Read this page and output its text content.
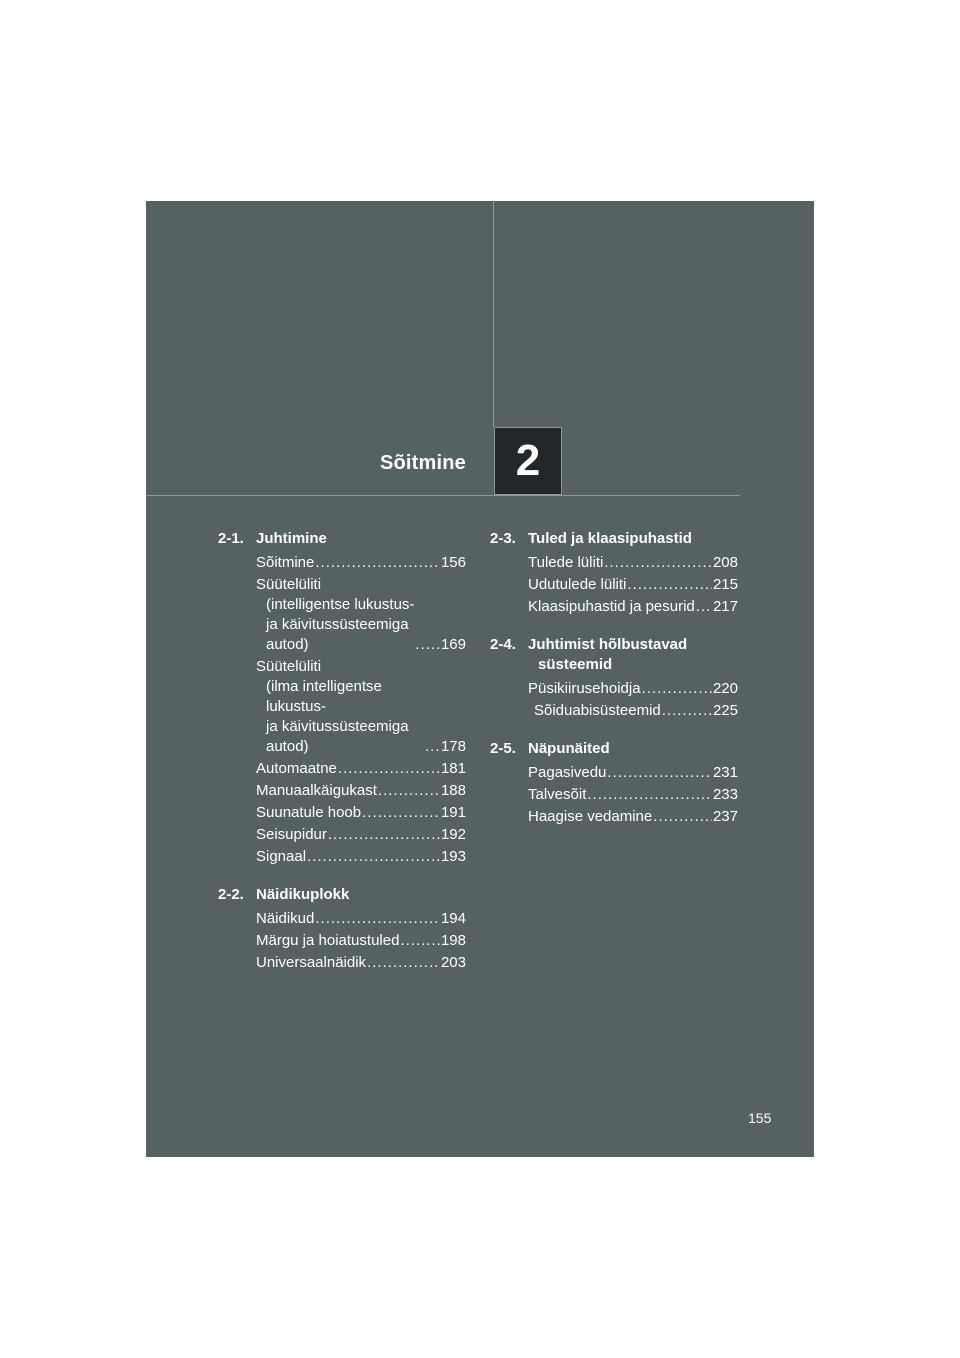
Sõitmine 2
2-1. Juhtimine
Sõitmine .....	156
Süütelüliti
(intelligentse lukustus-
ja käivitussüsteemiga
autod) .....	169
Süütelüliti
(ilma intelligentse lukustus-
ja käivitussüsteemiga
autod) .....	178
Automaatne .....	181
Manuaalkäigukast .....	188
Suunatule hoob .....	191
Seisupidur .....	192
Signaal .....	193
2-2. Näidikuplokk
Näidikud .....	194
Märgu ja hoiatustuled .....	198
Universaalnäidik .....	203
2-3. Tuled ja klaasipuhastid
Tulede lüliti .....	208
Udutulede lüliti .....	215
Klaasipuhastid ja pesurid ..... 217
2-4. Juhtimist hõlbustavad
süsteemid
Püsikiirusehoidja .....	220
Sõiduabisüsteemid .....	225
2-5. Näpunäited
Pagasivedu .....	231
Talvesõit .....	233
Haagise vedamine .....	237
155
